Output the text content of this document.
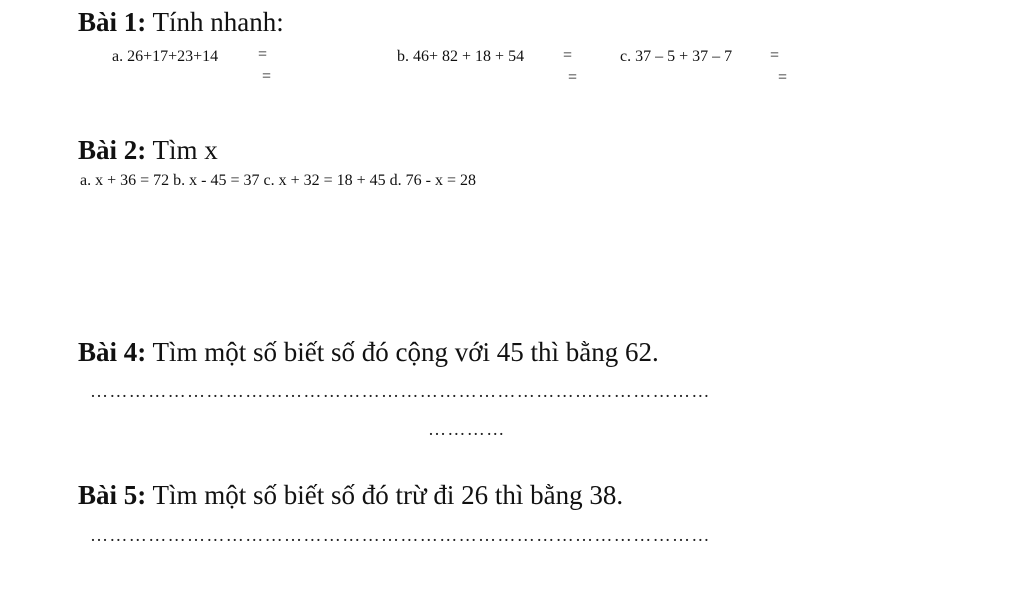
Bài 1: Tính nhanh:
a. 26+17+23+14 =
=
b. 46+ 82 + 18 + 54 =
=
c. 37 – 5 + 37 – 7 =
=
Bài 2: Tìm x
a. x + 36 = 72 b. x - 45 = 37 c. x + 32 = 18 + 45 d. 76 - x = 28
Bài 4: Tìm một số biết số đó cộng với 45 thì bằng 62.
……………………………………………………………………………………
…………
Bài 5: Tìm một số biết số đó trừ đi 26 thì bằng 38.
……………………………………………………………………………………
